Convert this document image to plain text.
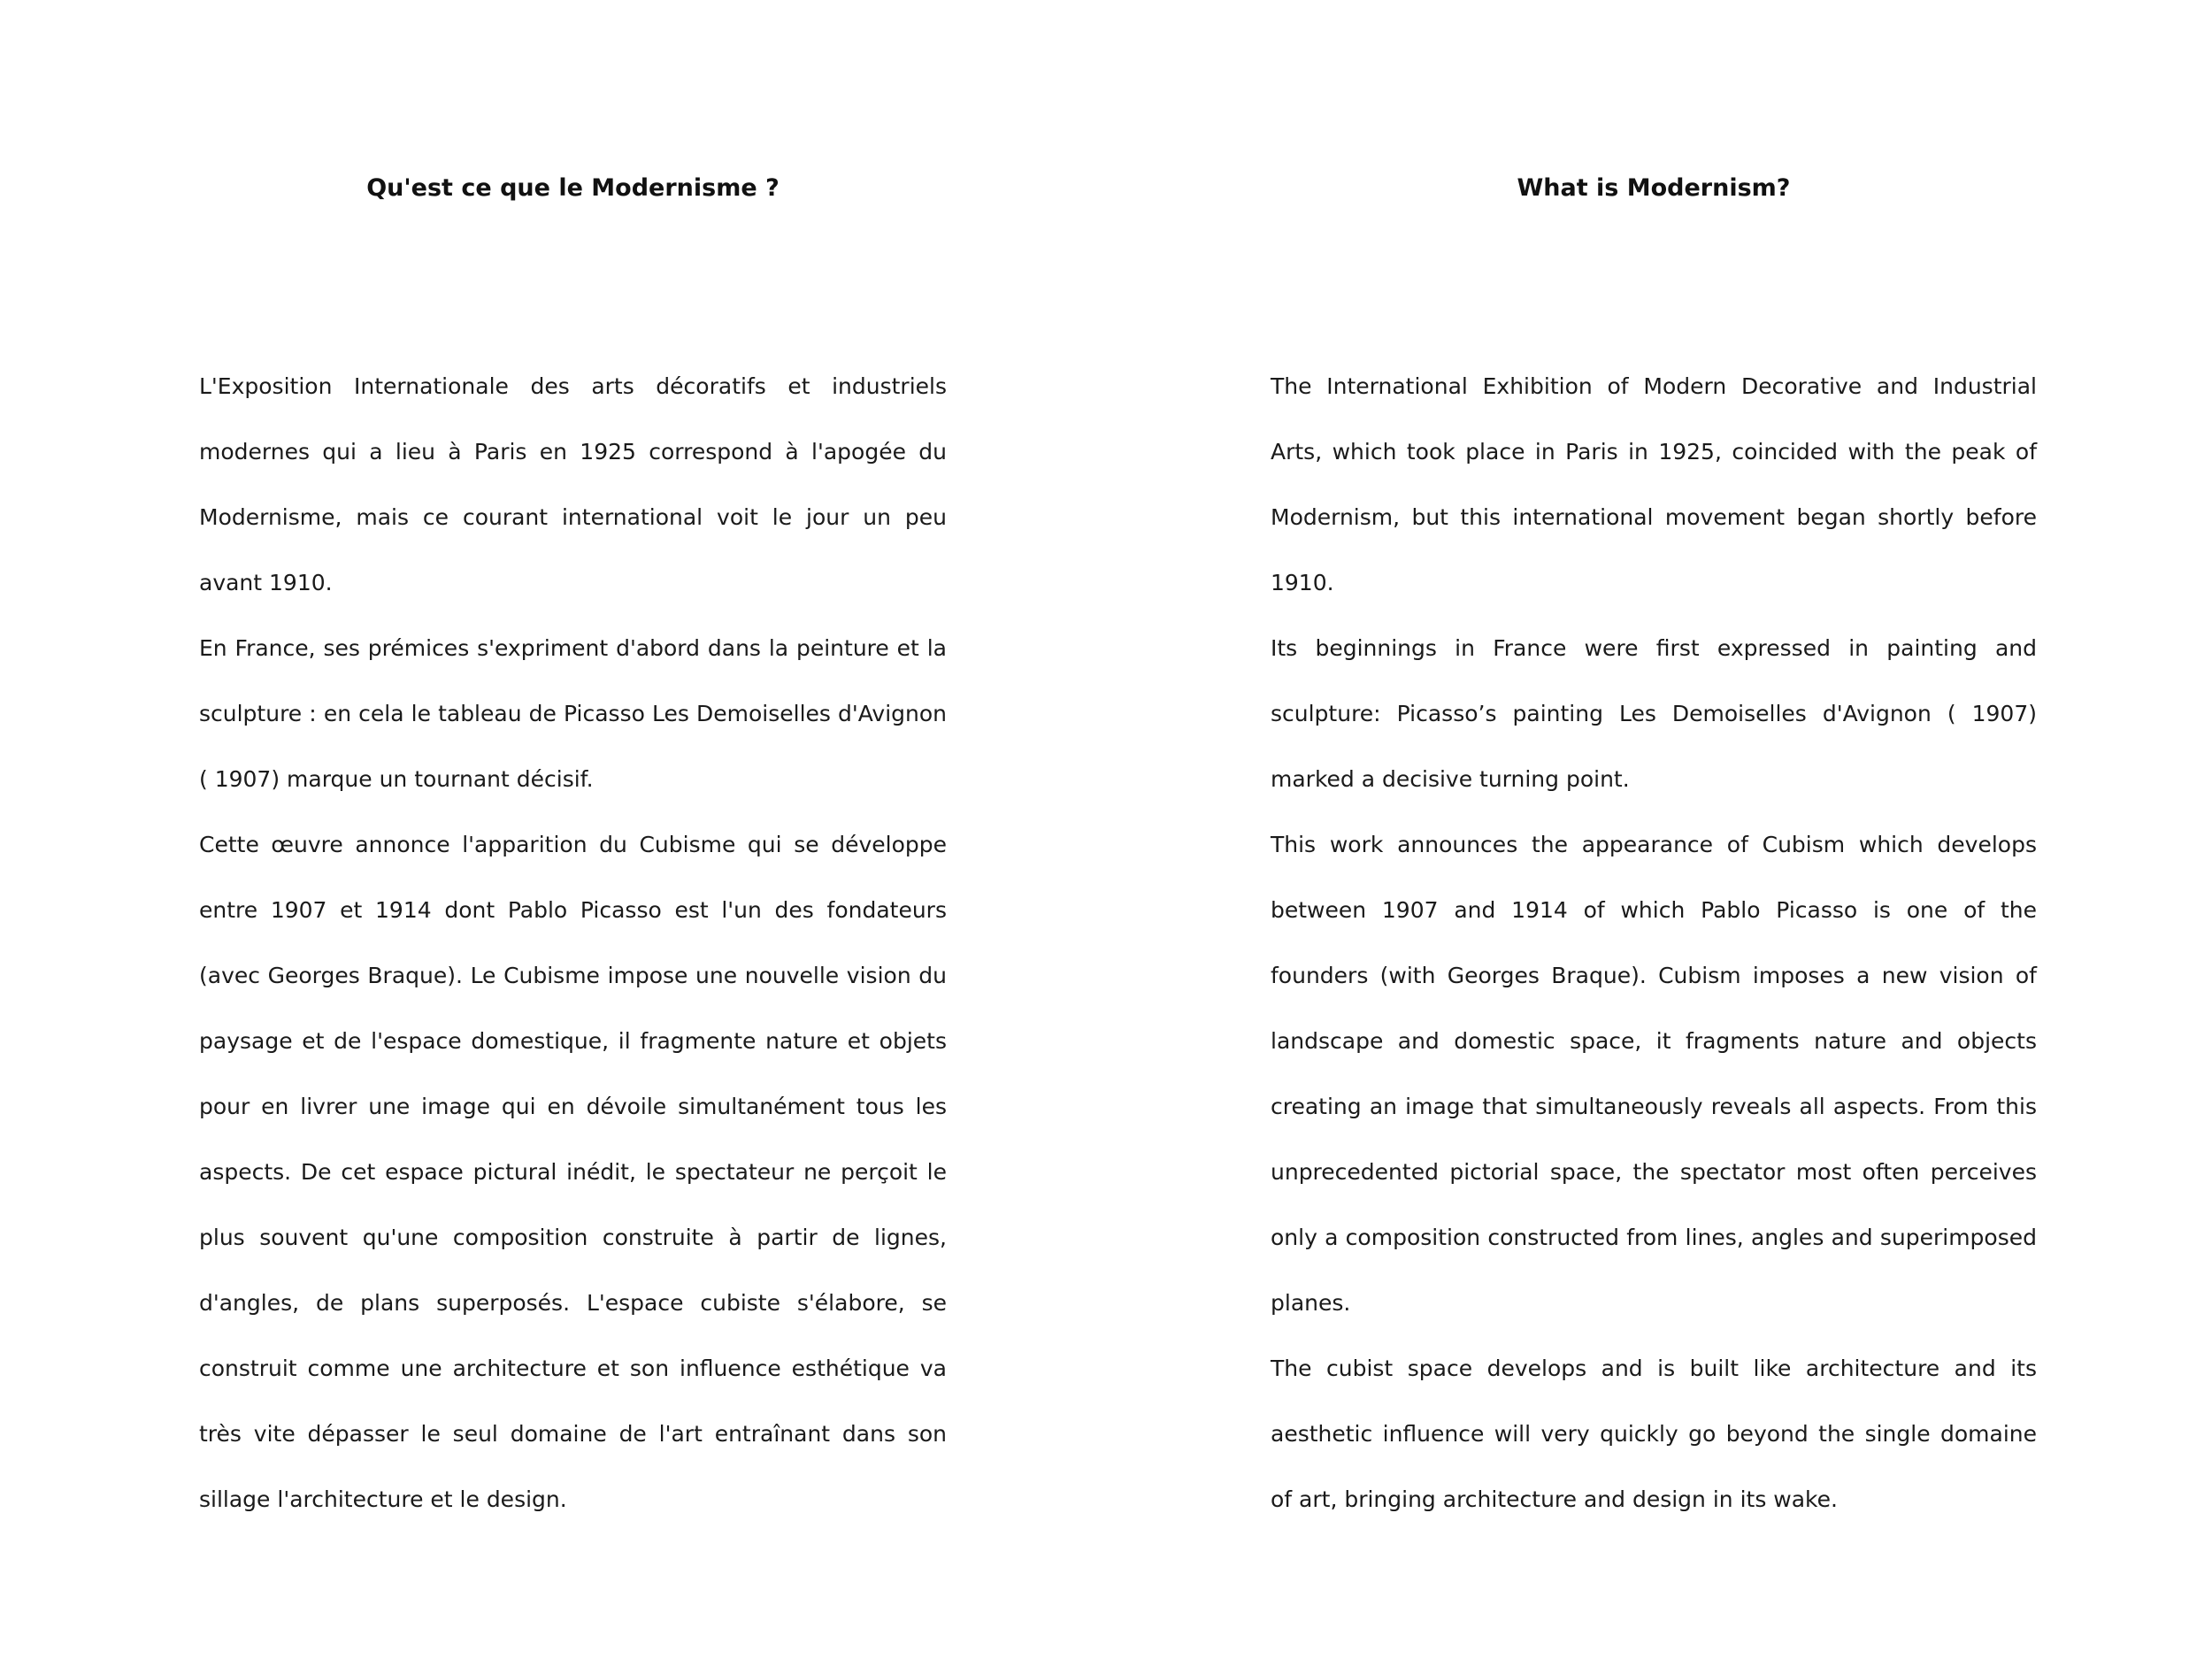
Qu'est ce que le Modernisme ?

L'Exposition Internationale des arts décoratifs et industriels modernes qui a lieu à Paris en 1925 correspond à l'apogée du Modernisme, mais ce courant international voit le jour un peu avant 1910.

En France, ses prémices s'expriment d'abord dans la peinture et la sculpture : en cela le tableau de Picasso Les Demoiselles d'Avignon ( 1907) marque un tournant décisif.

Cette œuvre annonce l'apparition du Cubisme qui se développe entre 1907 et 1914 dont Pablo Picasso est l'un des fondateurs (avec Georges Braque). Le Cubisme impose une nouvelle vision du paysage et de l'espace domestique, il fragmente nature et objets pour en livrer une image qui en dévoile simultanément tous les aspects. De cet espace pictural inédit, le spectateur ne perçoit le plus souvent qu'une composition construite à partir de lignes, d'angles, de plans superposés. L'espace cubiste s'élabore, se construit comme une architecture et son influence esthétique va très vite dépasser le seul domaine de l'art entraînant dans son sillage l'architecture et le design.

What is Modernism?

The International Exhibition of Modern Decorative and Industrial Arts, which took place in Paris in 1925, coincided with the peak of Modernism, but this international movement began shortly before 1910.

Its beginnings in France were first expressed in painting and sculpture: Picasso’s painting Les Demoiselles d'Avignon ( 1907) marked a decisive turning point.

This work announces the appearance of Cubism which develops between 1907 and 1914 of which Pablo Picasso is one of the founders (with Georges Braque). Cubism imposes a new vision of landscape and domestic space, it fragments nature and objects creating an image that simultaneously reveals all aspects. From this unprecedented pictorial space, the spectator most often perceives only a composition constructed from lines, angles and superimposed planes.

The cubist space develops and is built like architecture and its aesthetic influence will very quickly go beyond the single domaine of art, bringing architecture and design in its wake.
